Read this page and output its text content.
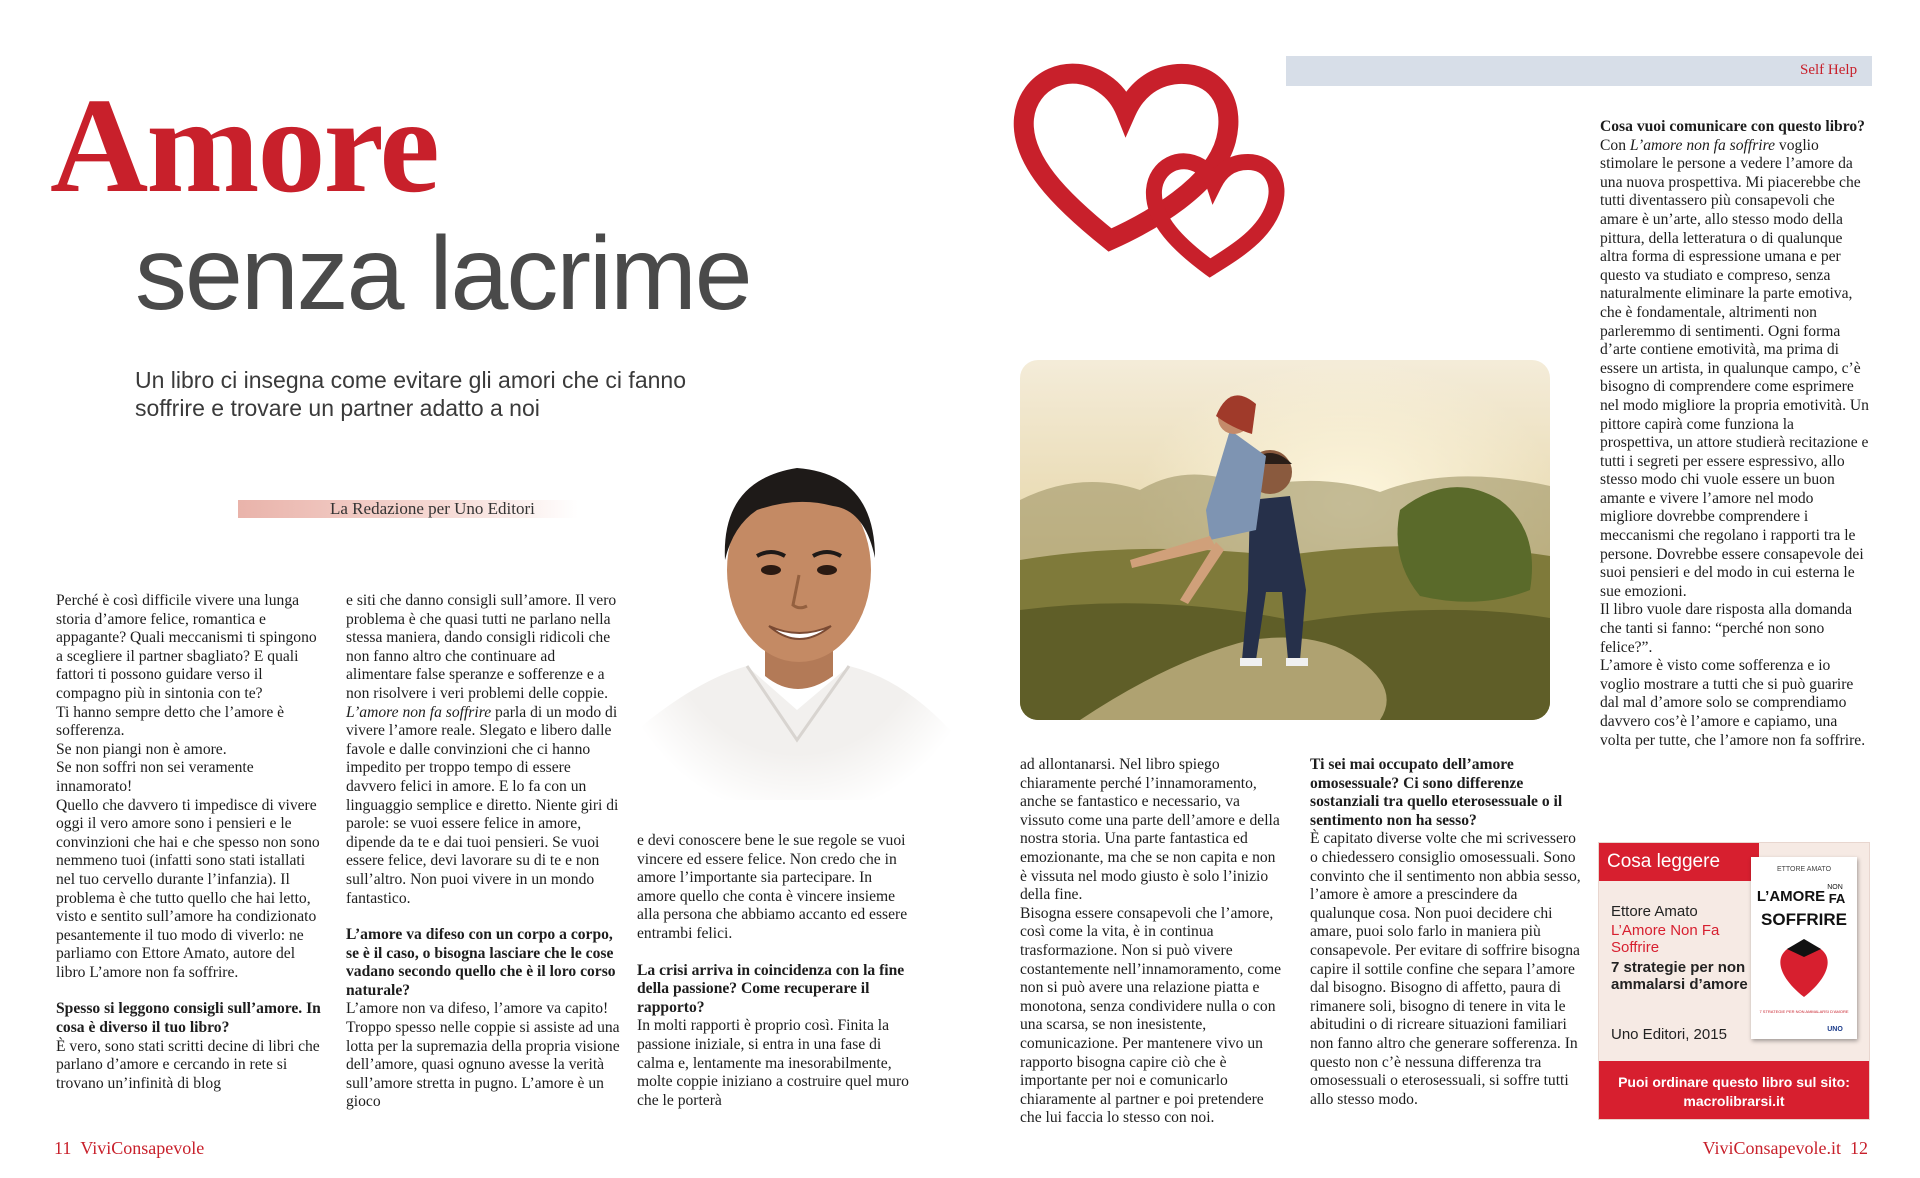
Amore
senza lacrime
Un libro ci insegna come evitare gli amori che ci fanno soffrire e trovare un partner adatto a noi
La Redazione per Uno Editori

Perché è così difficile vivere una lunga storia d’amore felice, romantica e appagante? Quali meccanismi ti spingono a scegliere il partner sbagliato? E quali fattori ti possono guidare verso il compagno più in sintonia con te?

Ti hanno sempre detto che l’amore è sofferenza.

Se non piangi non è amore.

Se non soffri non sei veramente innamorato!

Quello che davvero ti impedisce di vivere oggi il vero amore sono i pensieri e le convinzioni che hai e che spesso non sono nemmeno tuoi (infatti sono stati istallati nel tuo cervello durante l’infanzia). Il problema è che tutto quello che hai letto, visto e sentito sull’amore ha condizionato pesantemente il tuo modo di viverlo: ne parliamo con Ettore Amato, autore del libro L’amore non fa soffrire.

Spesso si leggono consigli sull’amore. In cosa è diverso il tuo libro?

È vero, sono stati scritti decine di libri che parlano d’amore e cercando in rete si trovano un’infinità di blog

e siti che danno consigli sull’amore. Il vero problema è che quasi tutti ne parlano nella stessa maniera, dando consigli ridicoli che non fanno altro che continuare ad alimentare false speranze e sofferenze e a non risolvere i veri problemi delle coppie.

L’amore non fa soffrire parla di un modo di vivere l’amore reale. Slegato e libero dalle favole e dalle convinzioni che ci hanno impedito per troppo tempo di essere davvero felici in amore. E lo fa con un linguaggio semplice e diretto. Niente giri di parole: se vuoi essere felice in amore, dipende da te e dai tuoi pensieri. Se vuoi essere felice, devi lavorare su di te e non sull’altro. Non puoi vivere in un mondo fantastico.

L’amore va difeso con un corpo a corpo, se è il caso, o bisogna lasciare che le cose vadano secondo quello che è il loro corso naturale?

L’amore non va difeso, l’amore va capito! Troppo spesso nelle coppie si assiste ad una lotta per la supremazia della propria visione dell’amore, quasi ognuno avesse la verità sull’amore stretta in pugno. L’amore è un gioco

e devi conoscere bene le sue regole se vuoi vincere ed essere felice. Non credo che in amore l’importante sia partecipare. In amore quello che conta è vincere insieme alla persona che abbiamo accanto ed essere entrambi felici.

La crisi arriva in coincidenza con la fine della passione? Come recuperare il rapporto?

In molti rapporti è proprio così. Finita la passione iniziale, si entra in una fase di calma e, lentamente ma inesorabilmente, molte coppie iniziano a costruire quel muro che le porterà

Self Help

ad allontanarsi. Nel libro spiego chiaramente perché l’innamoramento, anche se fantastico e necessario, va vissuto come una parte dell’amore e della nostra storia. Una parte fantastica ed emozionante, ma che se non capita e non è vissuta nel modo giusto è solo l’inizio della fine.

Bisogna essere consapevoli che l’amore, così come la vita, è in continua trasformazione. Non si può vivere costantemente nell’innamoramento, come non si può avere una relazione piatta e monotona, senza condividere nulla o con una scarsa, se non inesistente, comunicazione. Per mantenere vivo un rapporto bisogna capire ciò che è importante per noi e comunicarlo chiaramente al partner e poi pretendere che lui faccia lo stesso con noi.

Ti sei mai occupato dell’amore omosessuale? Ci sono differenze sostanziali tra quello eterosessuale o il sentimento non ha sesso?

È capitato diverse volte che mi scrivessero o chiedessero consiglio omosessuali. Sono convinto che il sentimento non abbia sesso, l’amore è amore a prescindere da qualunque cosa. Non puoi decidere chi amare, puoi solo farlo in maniera più consapevole. Per evitare di soffrire bisogna capire il sottile confine che separa l’amore dal bisogno. Bisogno di affetto, paura di rimanere soli, bisogno di tenere in vita le abitudini o di ricreare situazioni familiari non fanno altro che generare sofferenza. In questo non c’è nessuna differenza tra omosessuali o eterosessuali, si soffre tutti allo stesso modo.

Cosa vuoi comunicare con questo libro?

Con L’amore non fa soffrire voglio stimolare le persone a vedere l’amore da una nuova prospettiva. Mi piacerebbe che tutti diventassero più consapevoli che amare è un’arte, allo stesso modo della pittura, della letteratura o di qualunque altra forma di espressione umana e per questo va studiato e compreso, senza naturalmente eliminare la parte emotiva, che è fondamentale, altrimenti non parleremmo di sentimenti. Ogni forma d’arte contiene emotività, ma prima di essere un artista, in qualunque campo, c’è bisogno di comprendere come esprimere nel modo migliore la propria emotività. Un pittore capirà come funziona la prospettiva, un attore studierà recitazione e tutti i segreti per essere espressivo, allo stesso modo chi vuole essere un buon amante e vivere l’amore nel modo migliore dovrebbe comprendere i meccanismi che regolano i rapporti tra le persone. Dovrebbe essere consapevole dei suoi pensieri e del modo in cui esterna le sue emozioni.

Il libro vuole dare risposta alla domanda che tanti si fanno: “perché non sono felice?”.

L’amore è visto come sofferenza e io voglio mostrare a tutti che si può guarire dal mal d’amore solo se comprendiamo davvero cos’è l’amore e capiamo, una volta per tutte, che l’amore non fa soffrire.

Cosa leggere
Ettore Amato
L’Amore Non Fa Soffrire
7 strategie per non ammalarsi d’amore
Uno Editori, 2015
ETTORE AMATO
L’AMORE
NON
FA
SOFFRIRE
7 STRATEGIE PER NON AMMALARSI D’AMORE
UNO
Puoi ordinare questo libro sul sito:
macrolibrarsi.it
11 ViviConsapevole	ViviConsapevole.it 12
